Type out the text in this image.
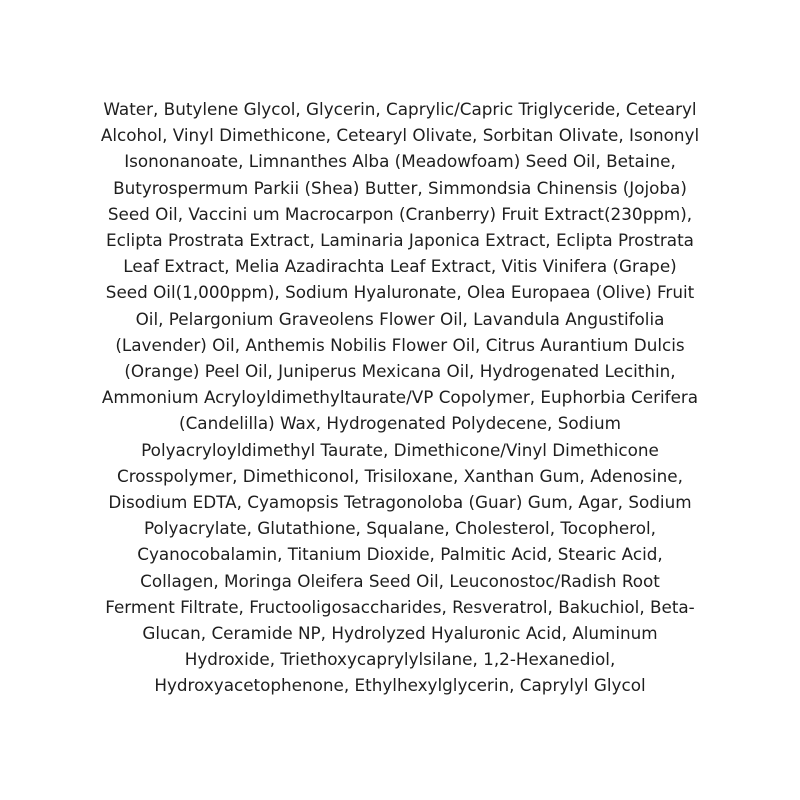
Water, Butylene Glycol, Glycerin, Caprylic/Capric Triglyceride, Cetearyl
Alcohol, Vinyl Dimethicone, Cetearyl Olivate, Sorbitan Olivate, Isononyl
Isononanoate, Limnanthes Alba (Meadowfoam) Seed Oil, Betaine,
Butyrospermum Parkii (Shea) Butter, Simmondsia Chinensis (Jojoba)
Seed Oil, Vaccini um Macrocarpon (Cranberry) Fruit Extract(230ppm),
Eclipta Prostrata Extract, Laminaria Japonica Extract, Eclipta Prostrata
Leaf Extract, Melia Azadirachta Leaf Extract, Vitis Vinifera (Grape)
Seed Oil(1,000ppm), Sodium Hyaluronate, Olea Europaea (Olive) Fruit
Oil, Pelargonium Graveolens Flower Oil, Lavandula Angustifolia
(Lavender) Oil, Anthemis Nobilis Flower Oil, Citrus Aurantium Dulcis
(Orange) Peel Oil, Juniperus Mexicana Oil, Hydrogenated Lecithin,
Ammonium Acryloyldimethyltaurate/VP Copolymer, Euphorbia Cerifera
(Candelilla) Wax, Hydrogenated Polydecene, Sodium
Polyacryloyldimethyl Taurate, Dimethicone/Vinyl Dimethicone
Crosspolymer, Dimethiconol, Trisiloxane, Xanthan Gum, Adenosine,
Disodium EDTA, Cyamopsis Tetragonoloba (Guar) Gum, Agar, Sodium
Polyacrylate, Glutathione, Squalane, Cholesterol, Tocopherol,
Cyanocobalamin, Titanium Dioxide, Palmitic Acid, Stearic Acid,
Collagen, Moringa Oleifera Seed Oil, Leuconostoc/Radish Root
Ferment Filtrate, Fructooligosaccharides, Resveratrol, Bakuchiol, Beta-
Glucan, Ceramide NP, Hydrolyzed Hyaluronic Acid, Aluminum
Hydroxide, Triethoxycaprylylsilane, 1,2-Hexanediol,
Hydroxyacetophenone, Ethylhexylglycerin, Caprylyl Glycol
